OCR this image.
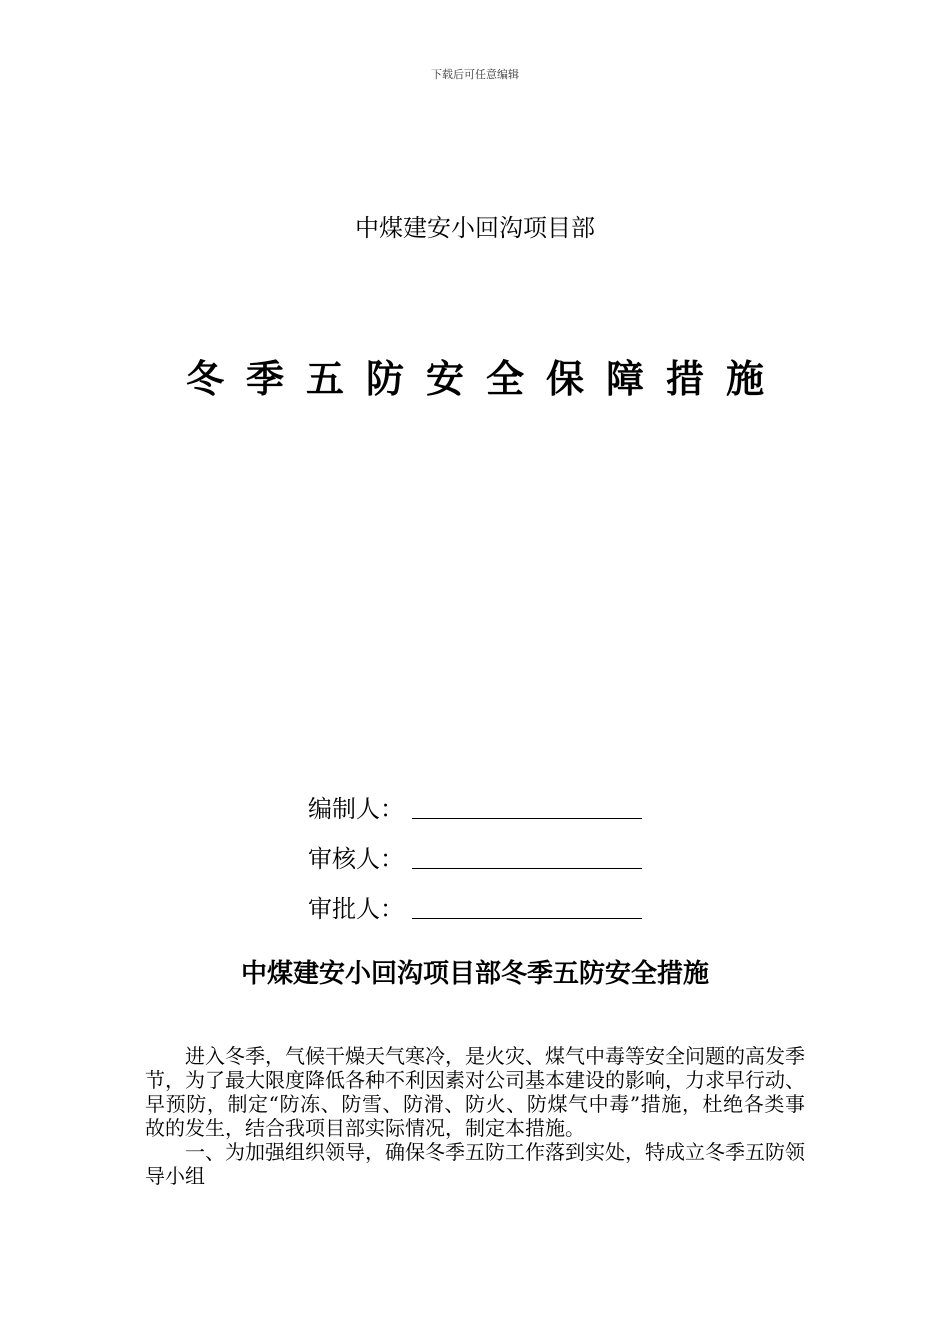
下载后可任意编辑
中煤建安小回沟项目部
冬季五防安全保障措施
编制人：
审核人：
审批人：
中煤建安小回沟项目部冬季五防安全措施

进入冬季，气候干燥天气寒冷，是火灾、煤气中毒等安全问题的高发季节，为了最大限度降低各种不利因素对公司基本建设的影响，力求早行动、早预防，制定“防冻、防雪、防滑、防火、防煤气中毒”措施，杜绝各类事故的发生，结合我项目部实际情况，制定本措施。

一、为加强组织领导，确保冬季五防工作落到实处，特成立冬季五防领导小组
